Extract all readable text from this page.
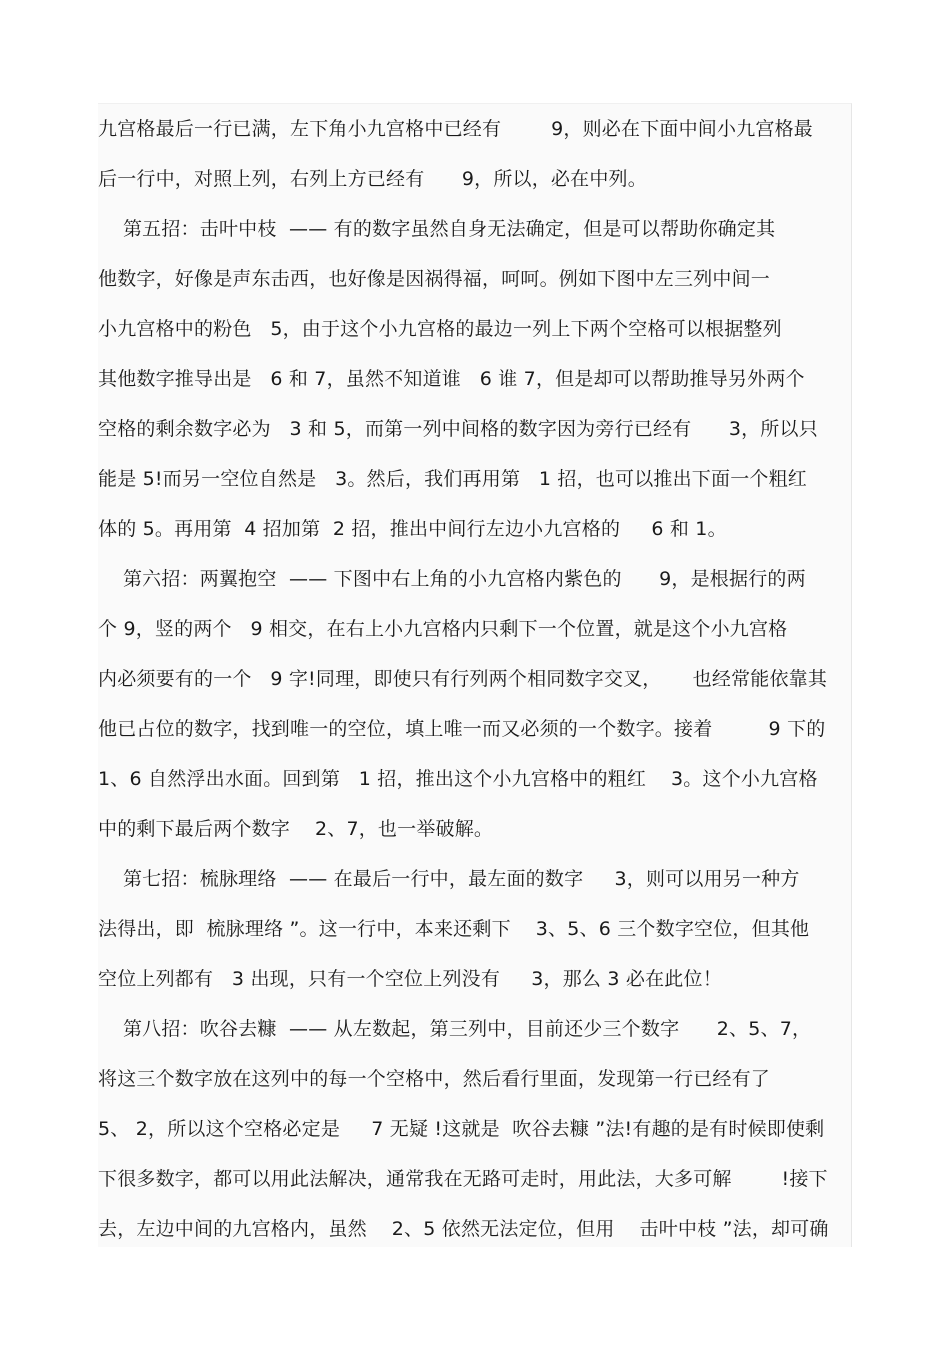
九宫格最后一行已满，左下角小九宫格中已经有        9，则必在下面中间小九宫格最
后一行中，对照上列，右列上方已经有      9，所以，必在中列。
第五招：击叶中枝  —— 有的数字虽然自身无法确定，但是可以帮助你确定其
他数字，好像是声东击西，也好像是因祸得福，呵呵。例如下图中左三列中间一
小九宫格中的粉色   5，由于这个小九宫格的最边一列上下两个空格可以根据整列
其他数字推导出是   6 和 7，虽然不知道谁   6 谁 7，但是却可以帮助推导另外两个
空格的剩余数字必为   3 和 5，而第一列中间格的数字因为旁行已经有      3，所以只
能是 5!而另一空位自然是   3。然后，我们再用第   1 招，也可以推出下面一个粗红
体的 5。再用第  4 招加第  2 招，推出中间行左边小九宫格的     6 和 1。
第六招：两翼抱空  —— 下图中右上角的小九宫格内紫色的      9，是根据行的两
个 9，竖的两个   9 相交，在右上小九宫格内只剩下一个位置，就是这个小九宫格
内必须要有的一个   9 字!同理，即使只有行列两个相同数字交叉，     也经常能依靠其
他已占位的数字，找到唯一的空位，填上唯一而又必须的一个数字。接着         9 下的
1、6 自然浮出水面。回到第   1 招，推出这个小九宫格中的粗红    3。这个小九宫格
中的剩下最后两个数字    2、7，也一举破解。
第七招：梳脉理络  —— 在最后一行中，最左面的数字     3，则可以用另一种方
法得出，即  梳脉理络 ”。这一行中，本来还剩下    3、5、6 三个数字空位，但其他
空位上列都有   3 出现，只有一个空位上列没有     3，那么 3 必在此位！
第八招：吹谷去糠  —— 从左数起，第三列中，目前还少三个数字      2、5、7，
将这三个数字放在这列中的每一个空格中，然后看行里面，发现第一行已经有了
5、 2，所以这个空格必定是     7 无疑 !这就是  吹谷去糠 ”法!有趣的是有时候即使剩
下很多数字，都可以用此法解决，通常我在无路可走时，用此法，大多可解        !接下
去，左边中间的九宫格内，虽然    2、5 依然无法定位，但用    击叶中枝 ”法，却可确
